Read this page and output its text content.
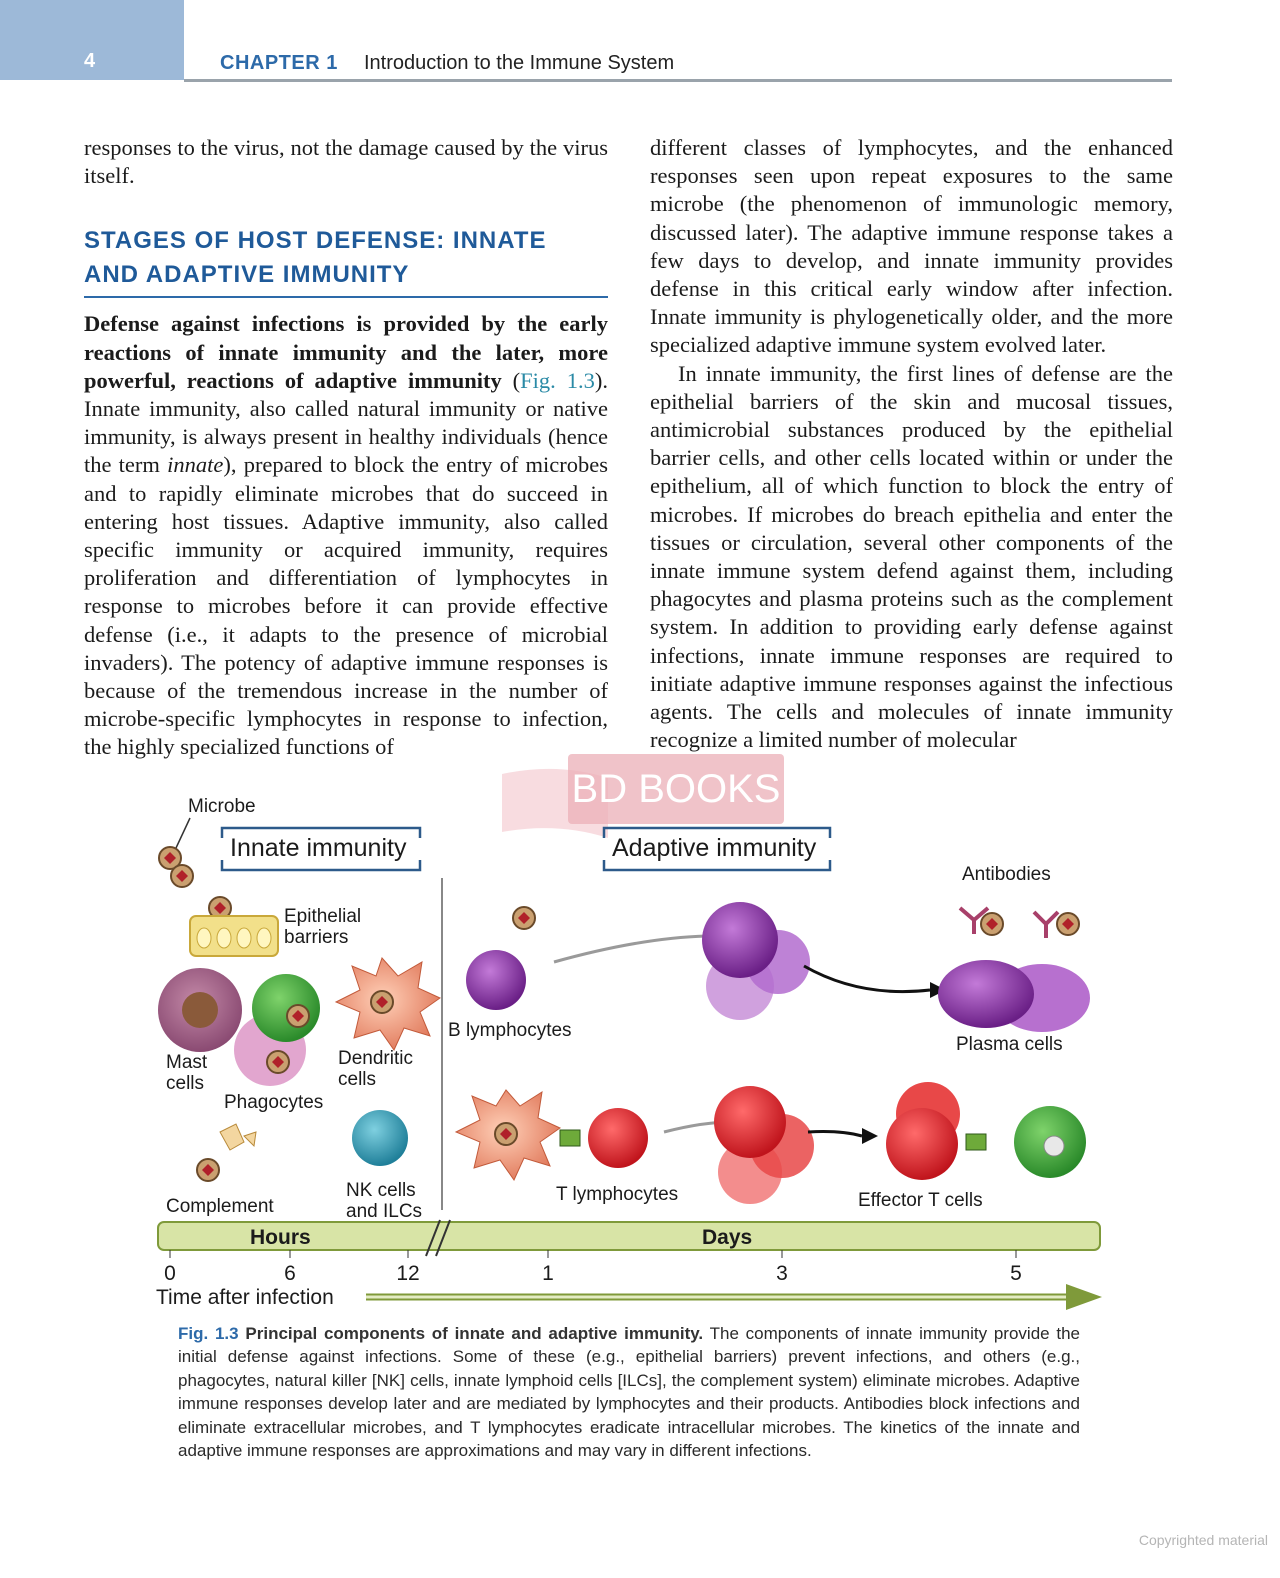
4	CHAPTER 1 Introduction to the Immune System

responses to the virus, not the damage caused by the virus itself.

STAGES OF HOST DEFENSE: INNATE AND ADAPTIVE IMMUNITY

Defense against infections is provided by the early reactions of innate immunity and the later, more powerful, reactions of adaptive immunity (Fig. 1.3). Innate immunity, also called natural immunity or native immunity, is always present in healthy individuals (hence the term innate), prepared to block the entry of microbes and to rapidly eliminate microbes that do succeed in entering host tissues. Adaptive immunity, also called specific immunity or acquired immunity, requires proliferation and differentiation of lymphocytes in response to microbes before it can provide effective defense (i.e., it adapts to the presence of microbial invaders). The potency of adaptive immune responses is because of the tremendous increase in the number of microbe-specific lymphocytes in response to infection, the highly specialized functions of

different classes of lymphocytes, and the enhanced responses seen upon repeat exposures to the same microbe (the phenomenon of immunologic memory, discussed later). The adaptive immune response takes a few days to develop, and innate immunity provides defense in this critical early window after infection. Innate immunity is phylogenetically older, and the more specialized adaptive immune system evolved later.

In innate immunity, the first lines of defense are the epithelial barriers of the skin and mucosal tissues, antimicrobial substances produced by the epithelial barrier cells, and other cells located within or under the epithelium, all of which function to block the entry of microbes. If microbes do breach epithelia and enter the tissues or circulation, several other components of the innate immune system defend against them, including phagocytes and plasma proteins such as the complement system. In addition to providing early defense against infections, innate immune responses are required to initiate adaptive immune responses against the infectious agents. The cells and molecules of innate immunity recognize a limited number of molecular

BD BOOKS
Innate immunity	Adaptive immunity
Microbe
Epithelial
barriers
Mast
cells
Phagocytes
Dendritic
cells
Complement
NK cells
and ILCs
Antibodies
B lymphocytes
Plasma cells
T lymphocytes	Effector T cells
Hours	Days
0	6	12	1	3	5
Time after infection
Fig. 1.3 Principal components of innate and adaptive immunity. The components of innate immunity provide the initial defense against infections. Some of these (e.g., epithelial barriers) prevent infections, and others (e.g., phagocytes, natural killer [NK] cells, innate lymphoid cells [ILCs], the complement system) eliminate microbes. Adaptive immune responses develop later and are mediated by lymphocytes and their products. Antibodies block infections and eliminate extracellular microbes, and T lymphocytes eradicate intracellular microbes. The kinetics of the innate and adaptive immune responses are approximations and may vary in different infections.
Copyrighted material
